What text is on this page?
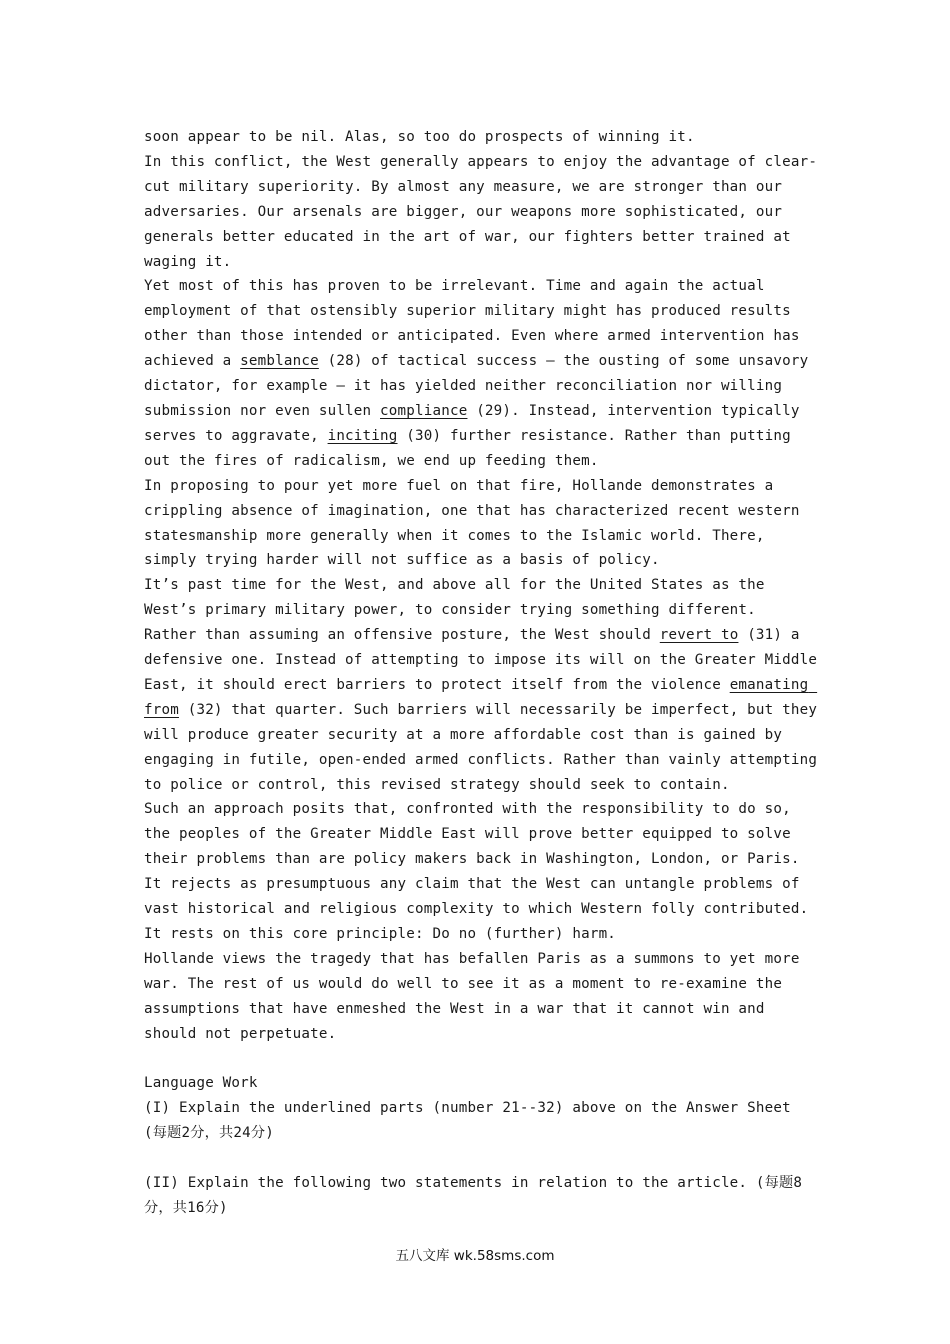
soon appear to be nil. Alas, so too do prospects of winning it.

In this conflict, the West generally appears to enjoy the advantage of clear-cut military superiority. By almost any measure, we are stronger than our adversaries. Our arsenals are bigger, our weapons more sophisticated, our generals better educated in the art of war, our fighters better trained at waging it.

Yet most of this has proven to be irrelevant. Time and again the actual employment of that ostensibly superior military might has produced results other than those intended or anticipated. Even where armed intervention has achieved a semblance (28) of tactical success – the ousting of some unsavory dictator, for example – it has yielded neither reconciliation nor willing submission nor even sullen compliance (29). Instead, intervention typically serves to aggravate, inciting (30) further resistance. Rather than putting out the fires of radicalism, we end up feeding them.

In proposing to pour yet more fuel on that fire, Hollande demonstrates a crippling absence of imagination, one that has characterized recent western statesmanship more generally when it comes to the Islamic world. There, simply trying harder will not suffice as a basis of policy.

It’s past time for the West, and above all for the United States as the West’s primary military power, to consider trying something different.

Rather than assuming an offensive posture, the West should revert to (31) a defensive one. Instead of attempting to impose its will on the Greater Middle East, it should erect barriers to protect itself from the violence emanating from (32) that quarter. Such barriers will necessarily be imperfect, but they will produce greater security at a more affordable cost than is gained by engaging in futile, open-ended armed conflicts. Rather than vainly attempting to police or control, this revised strategy should seek to contain.

Such an approach posits that, confronted with the responsibility to do so, the peoples of the Greater Middle East will prove better equipped to solve their problems than are policy makers back in Washington, London, or Paris. It rejects as presumptuous any claim that the West can untangle problems of vast historical and religious complexity to which Western folly contributed. It rests on this core principle: Do no (further) harm.

Hollande views the tragedy that has befallen Paris as a summons to yet more war. The rest of us would do well to see it as a moment to re-examine the assumptions that have enmeshed the West in a war that it cannot win and should not perpetuate.

Language Work

(I) Explain the underlined parts (number 21--32) above on the Answer Sheet

(每题2分，共24分)

(II) Explain the following two statements in relation to the article. (每题8分，共16分)

五八文库 wk.58sms.com
